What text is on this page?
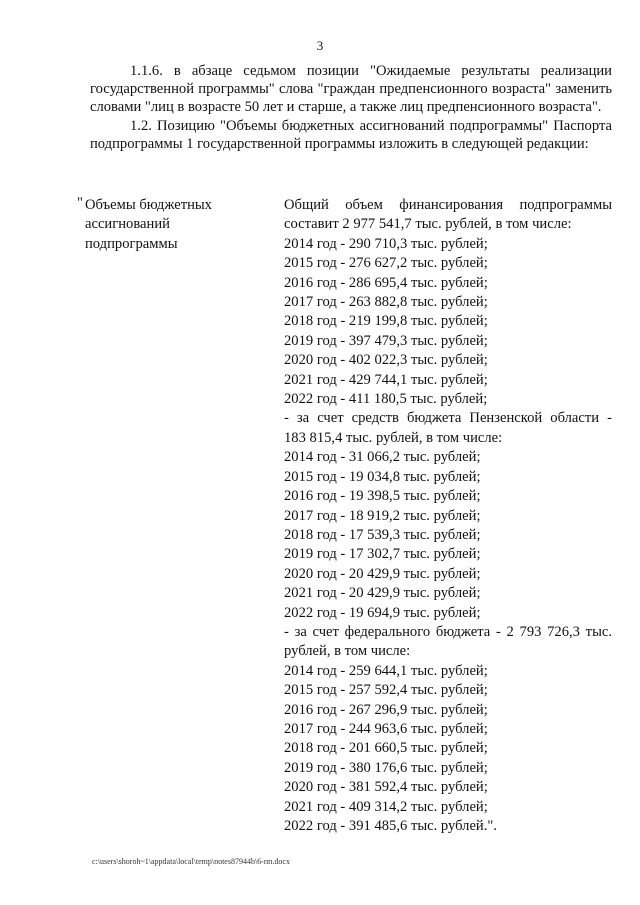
3

1.1.6. в абзаце седьмом позиции "Ожидаемые результаты реализации государственной программы" слова "граждан предпенсионного возраста" заменить словами "лиц в возрасте 50 лет и старше, а также лиц предпенсионного возраста".

1.2. Позицию "Объемы бюджетных ассигнований подпрограммы" Паспорта подпрограммы 1 государственной программы изложить в следующей редакции:

" Объемы бюджетных
ассигнований
подпрограммы
Общий объем финансирования подпрограммы
составит 2 977 541,7 тыс. рублей, в том числе:
2014 год - 290 710,3 тыс. рублей;
2015 год - 276 627,2 тыс. рублей;
2016 год - 286 695,4 тыс. рублей;
2017 год - 263 882,8 тыс. рублей;
2018 год - 219 199,8 тыс. рублей;
2019 год - 397 479,3 тыс. рублей;
2020 год - 402 022,3 тыс. рублей;
2021 год - 429 744,1 тыс. рублей;
2022 год - 411 180,5 тыс. рублей;
- за счет средств бюджета Пензенской области -
183 815,4 тыс. рублей, в том числе:
2014 год - 31 066,2 тыс. рублей;
2015 год - 19 034,8 тыс. рублей;
2016 год - 19 398,5 тыс. рублей;
2017 год - 18 919,2 тыс. рублей;
2018 год - 17 539,3 тыс. рублей;
2019 год - 17 302,7 тыс. рублей;
2020 год - 20 429,9 тыс. рублей;
2021 год - 20 429,9 тыс. рублей;
2022 год - 19 694,9 тыс. рублей;
- за счет федерального бюджета - 2 793 726,3 тыс.
рублей, в том числе:
2014 год - 259 644,1 тыс. рублей;
2015 год - 257 592,4 тыс. рублей;
2016 год - 267 296,9 тыс. рублей;
2017 год - 244 963,6 тыс. рублей;
2018 год - 201 660,5 тыс. рублей;
2019 год - 380 176,6 тыс. рублей;
2020 год - 381 592,4 тыс. рублей;
2021 год - 409 314,2 тыс. рублей;
2022 год - 391 485,6 тыс. рублей.".
c:\users\shoroh~1\appdata\local\temp\notes87944b\6-пп.docx
